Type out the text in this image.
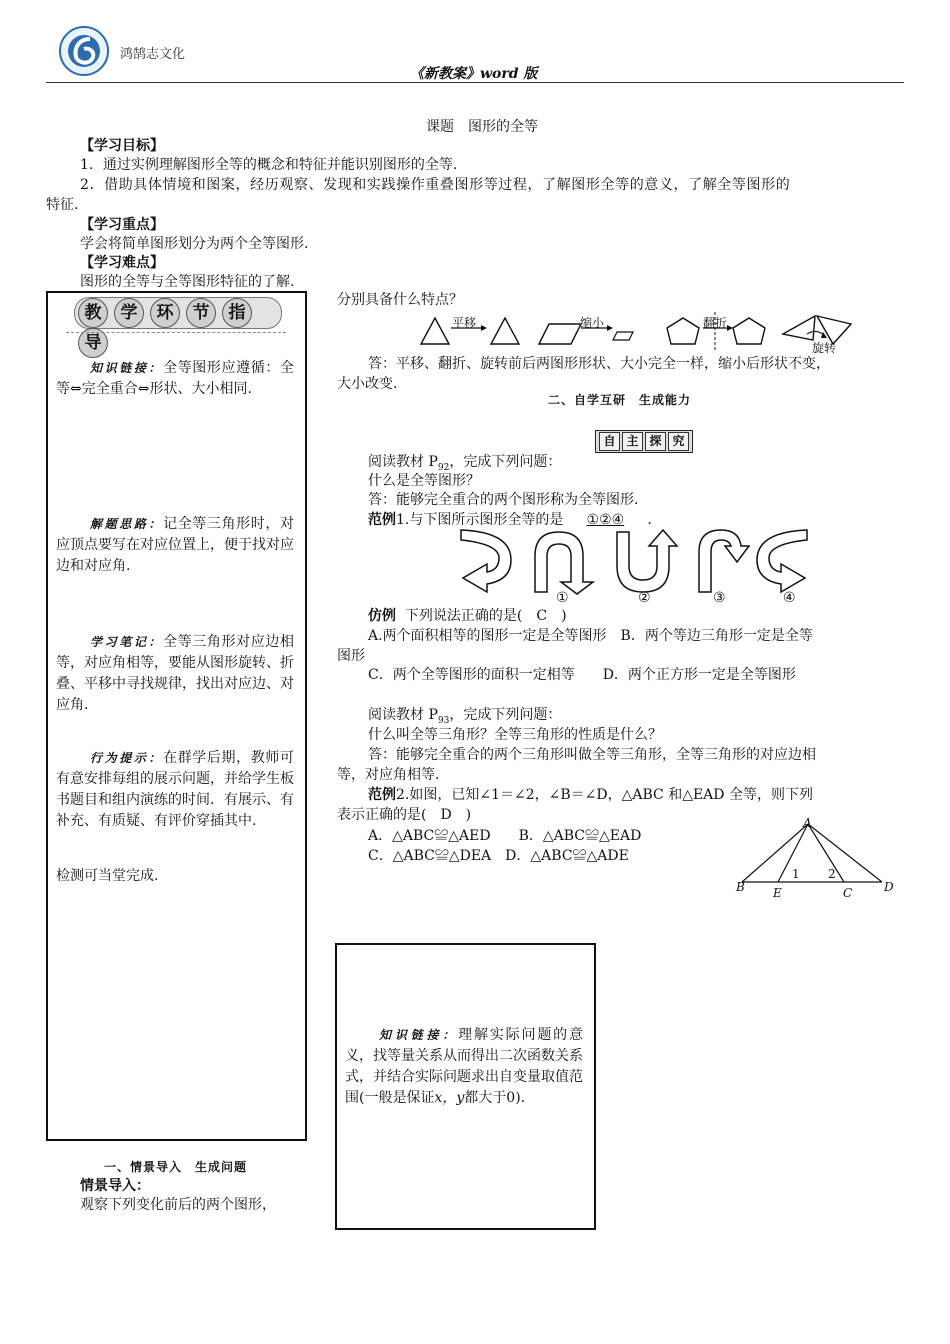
鸿鹄志文化
《新教案》word 版
课题　图形的全等
【学习目标】
1．通过实例理解图形全等的概念和特征并能识别图形的全等.
2．借助具体情境和图案，经历观察、发现和实践操作重叠图形等过程，了解图形全等的意义，了解全等图形的
特征.
【学习重点】
学会将简单图形划分为两个全等图形.
【学习难点】
图形的全等与全等图形特征的了解.
教 学 环 节 指导
知识链接：全等图形应遵循：全等⇔完全重合⇔形状、大小相同.
解题思路：记全等三角形时，对应顶点要写在对应位置上，便于找对应边和对应角.
学习笔记：全等三角形对应边相等，对应角相等，要能从图形旋转、折叠、平移中寻找规律，找出对应边、对应角.
行为提示：在群学后期，教师可有意安排每组的展示问题，并给学生板书题目和组内演练的时间．有展示、有补充、有质疑、有评价穿插其中.
检测可当堂完成.
一、情景导入　生成问题
情景导入：
观察下列变化前后的两个图形，
分别具备什么特点？
平移	缩小	翻折
旋转
答：平移、翻折、旋转前后两图形形状、大小完全一样，缩小后形状不变，
大小改变.
二、自学互研　生成能力
自 主 探 究
阅读教材 $P_{92}$，完成下列问题：
什么是全等图形？
答：能够完全重合的两个图形称为全等图形.
范例1.与下图所示图形全等的是 ①②④ .
①	②	③	④
仿例 下列说法正确的是(　C　)
A.两个面积相等的图形一定是全等图形　B．两个等边三角形一定是全等
图形
C．两个全等图形的面积一定相等　　D．两个正方形一定是全等图形
阅读教材 $P_{93}$，完成下列问题：
什么叫全等三角形？全等三角形的性质是什么？
答：能够完全重合的两个三角形叫做全等三角形，全等三角形的对应边相
等，对应角相等.
范例2.如图，已知∠1＝∠2，∠B＝∠D，△ABC 和△EAD 全等，则下列
表示正确的是(　D　)
A．△ABC≌△AED　　B．△ABC≌△EAD
C．△ABC≌△DEA　D．△ABC≌△ADE
A
B E
1 2
C	D
知识链接：理解实际问题的意义，找等量关系从而得出二次函数关系式，并结合实际问题求出自变量取值范围(一般是保证x，y都大于0).
